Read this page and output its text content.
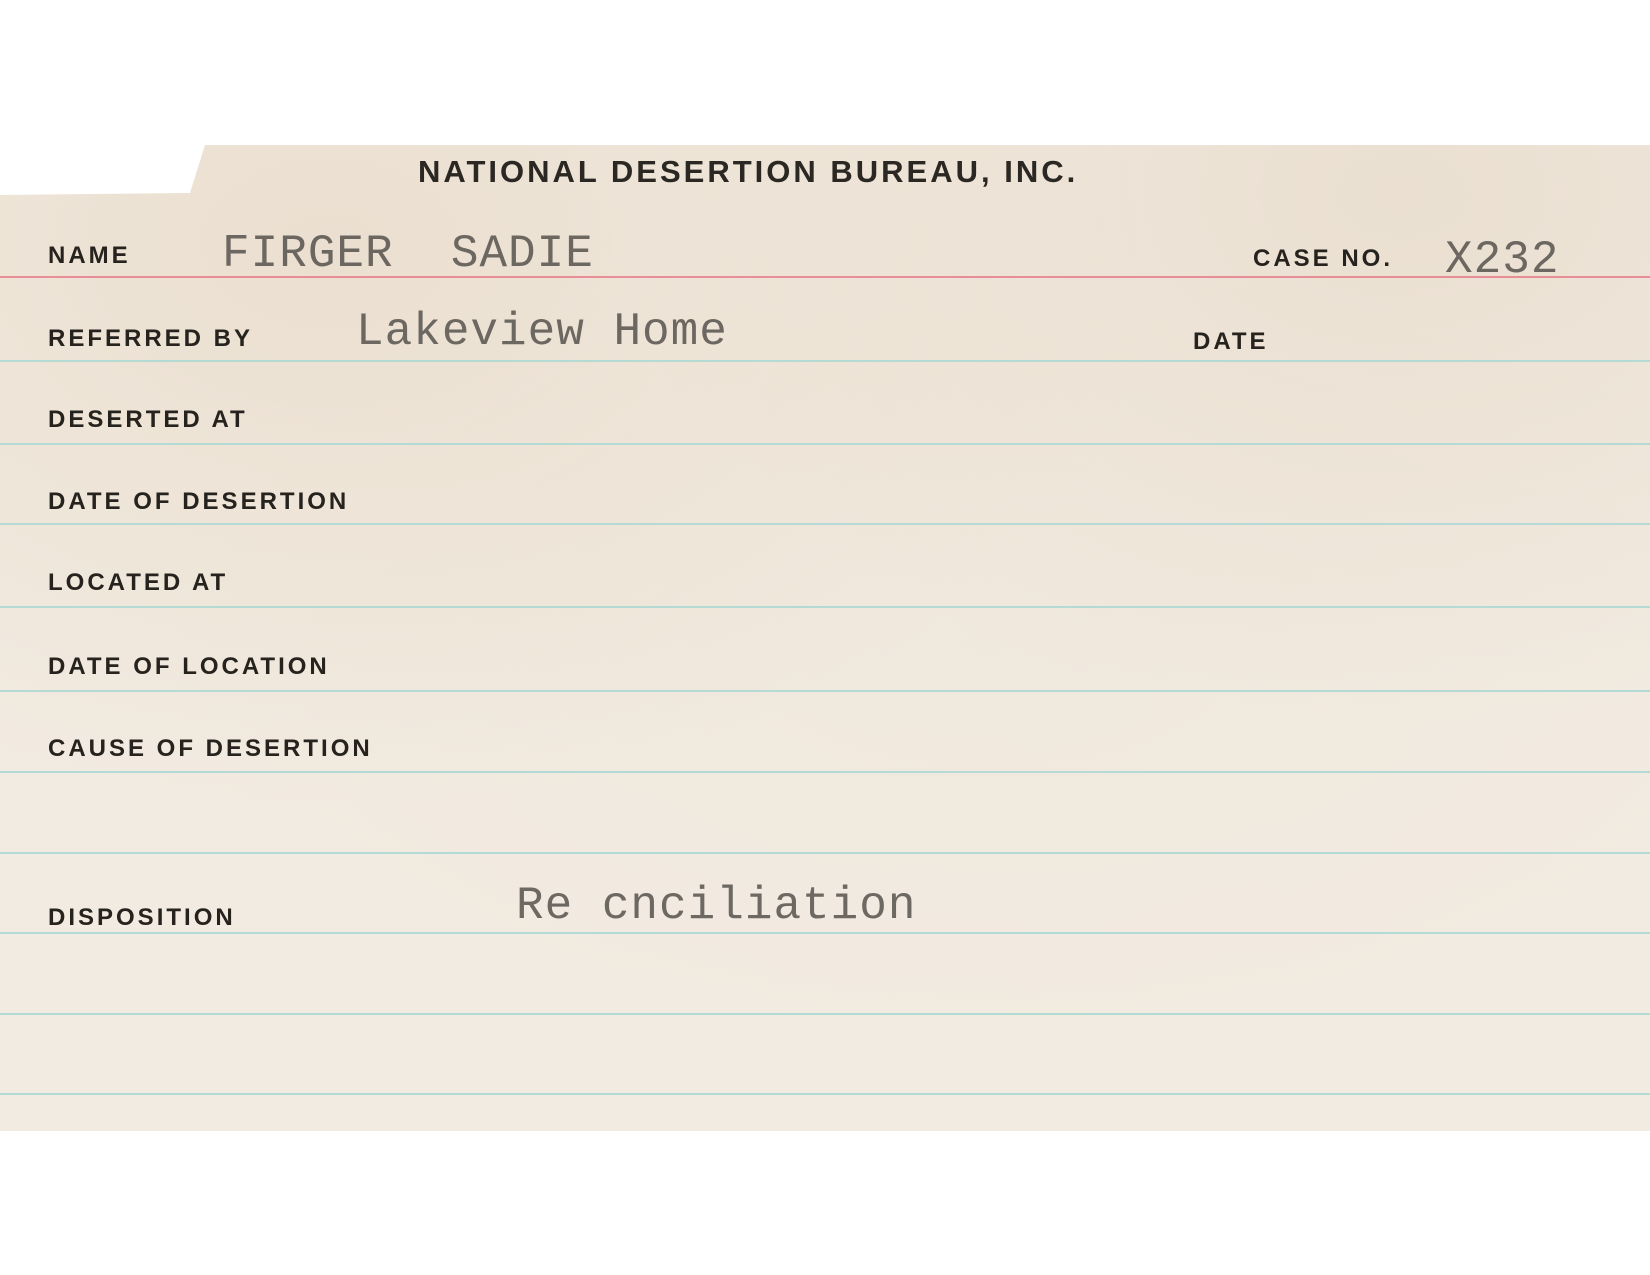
NATIONAL DESERTION BUREAU, INC.
NAME FIRGER  SADIE	CASE NO. X232
REFERRED BY Lakeview Home	DATE
DESERTED AT
DATE OF DESERTION
LOCATED AT
DATE OF LOCATION
CAUSE OF DESERTION
DISPOSITION	Re cnciliation
